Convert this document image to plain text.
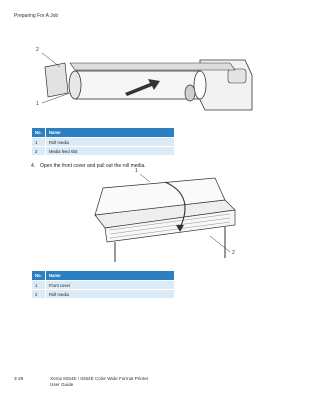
Preparing For A Job
2
1
No.	Name
1	Roll media
2	Media feed slot
4. Open the front cover and pull out the roll media.
1
2
No.	Name
1	Front cover
2	Roll media
3-28	Xerox 8254E / 8264E Color Wide Format Printer
User Guide
